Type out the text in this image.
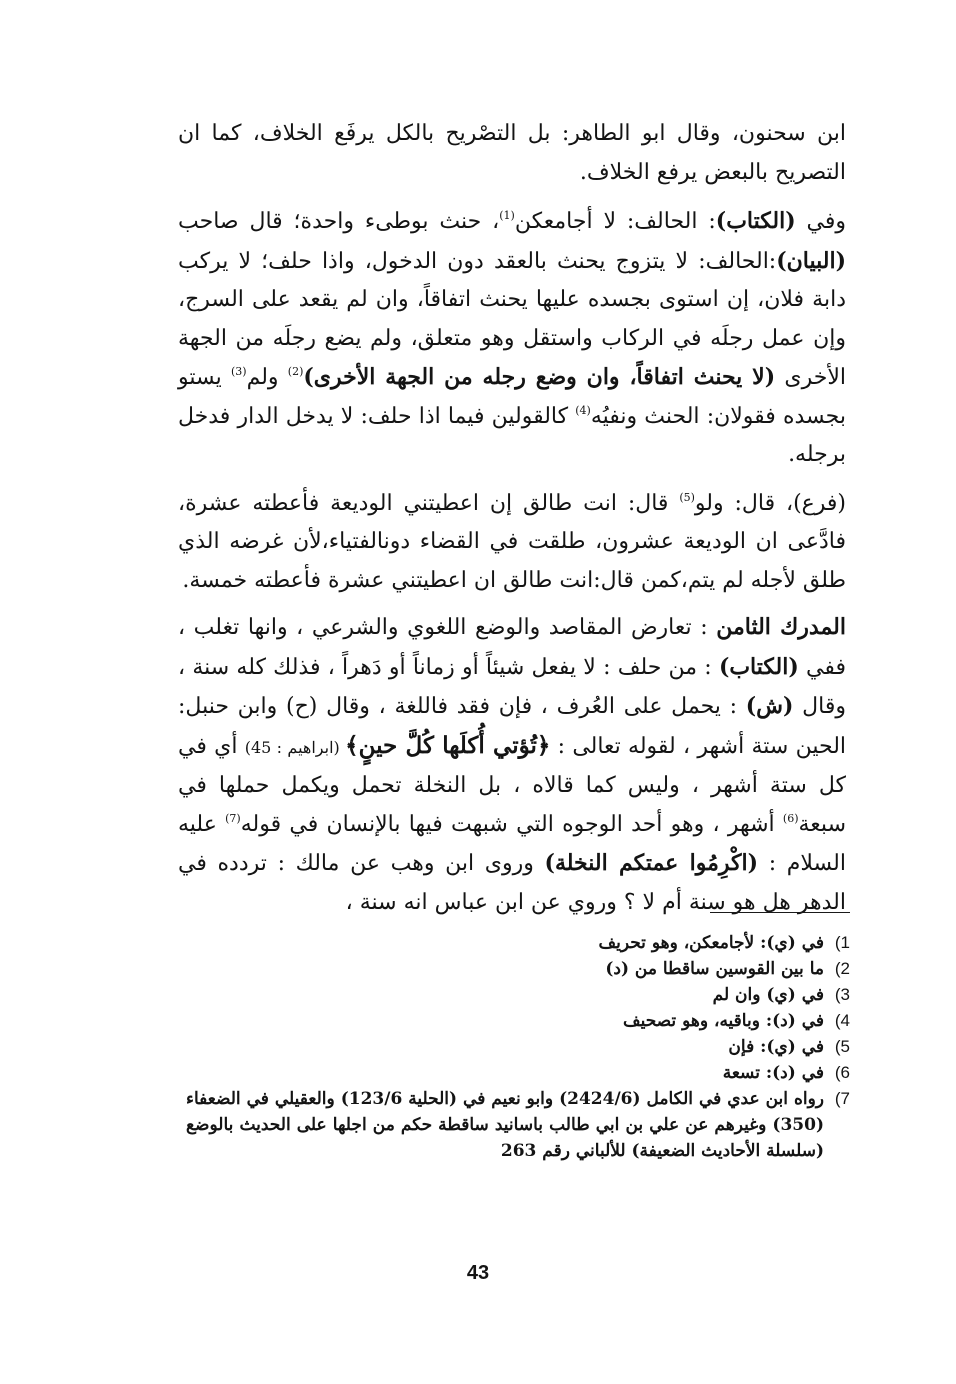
ابن سحنون، وقال ابو الطاهر: بل التصْريح بالكل يرفَع الخلاف، كما ان التصريح بالبعض يرفع الخلاف.

وفي (الكتاب): الحالف: لا أجامعكن$^{(1)}$، حنث بوطىء واحدة؛ قال صاحب (البيان):الحالف: لا يتزوج يحنث بالعقد دون الدخول، واذا حلف؛ لا يركب دابة فلان، إن استوى بجسده عليها يحنث اتفاقاً، وان لم يقعد على السرج، وإن عمل رجلَه في الركاب واستقل وهو متعلق، ولم يضع رجلَه من الجهة الأخرى (لا يحنث اتفاقاً، وان وضع رجله من الجهة الأخرى)$^{(2)}$ ولم$^{(3)}$ يستو بجسده فقولان: الحنث ونفيُه$^{(4)}$ كالقولين فيما اذا حلف: لا يدخل الدار فدخل برجله.

(فرع)، قال: ولو$^{(5)}$ قال: انت طالق إن اعطيتني الوديعة فأعطته عشرة، فادَّعى ان الوديعة عشرون، طلقت في القضاء دونالفتياء،لأن غرضه الذي طلق لأجله لم يتم،كمن قال:انت طالق ان اعطيتني عشرة فأعطته خمسة.

المدرك الثامن : تعارض المقاصد والوضع اللغوي والشرعي ، وانها تغلب ، ففي (الكتاب) : من حلف : لا يفعل شيئاً أو زماناً أو دَهراً ، فذلك كله سنة ، وقال (ش) : يحمل على العُرف ، فإن فقد فاللغة ، وقال (ح) وابن حنبل: الحين ستة أشهر ، لقوله تعالى : ﴿تُؤتي أُكلَها كُلَّ حينٍ﴾ (ابراهيم : 45) أي في كل ستة أشهر ، وليس كما قالاه ، بل النخلة تحمل ويكمل حملها في سبعة$^{(6)}$ أشهر ، وهو أحد الوجوه التي شبهت فيها بالإنسان في قوله$^{(7)}$ عليه السلام : (اكْرِمُوا عمتكم النخلة) وروى ابن وهب عن مالك : تردده في الدهر هل هو سنة أم لا ؟ وروي عن ابن عباس انه سنة ،

1)
في (ي): لأجامعكن، وهو تحريف
2)
ما بين القوسين ساقطا من (د)
3)
في (ي) وان لم
4)
في (د): وباقيه، وهو تصحيف
5)
في (ي): فإن
6)
في (د): تسعة
7)
رواه ابن عدي في الكامل (2424/6) وابو نعيم في (الحلية 123/6) والعقيلي في الضعفاء (350) وغيرهم عن علي بن ابي طالب باسانيد ساقطة حكم من اجلها على الحديث بالوضع (سلسلة الأحاديث الضعيفة) للألباني رقم 263
43
